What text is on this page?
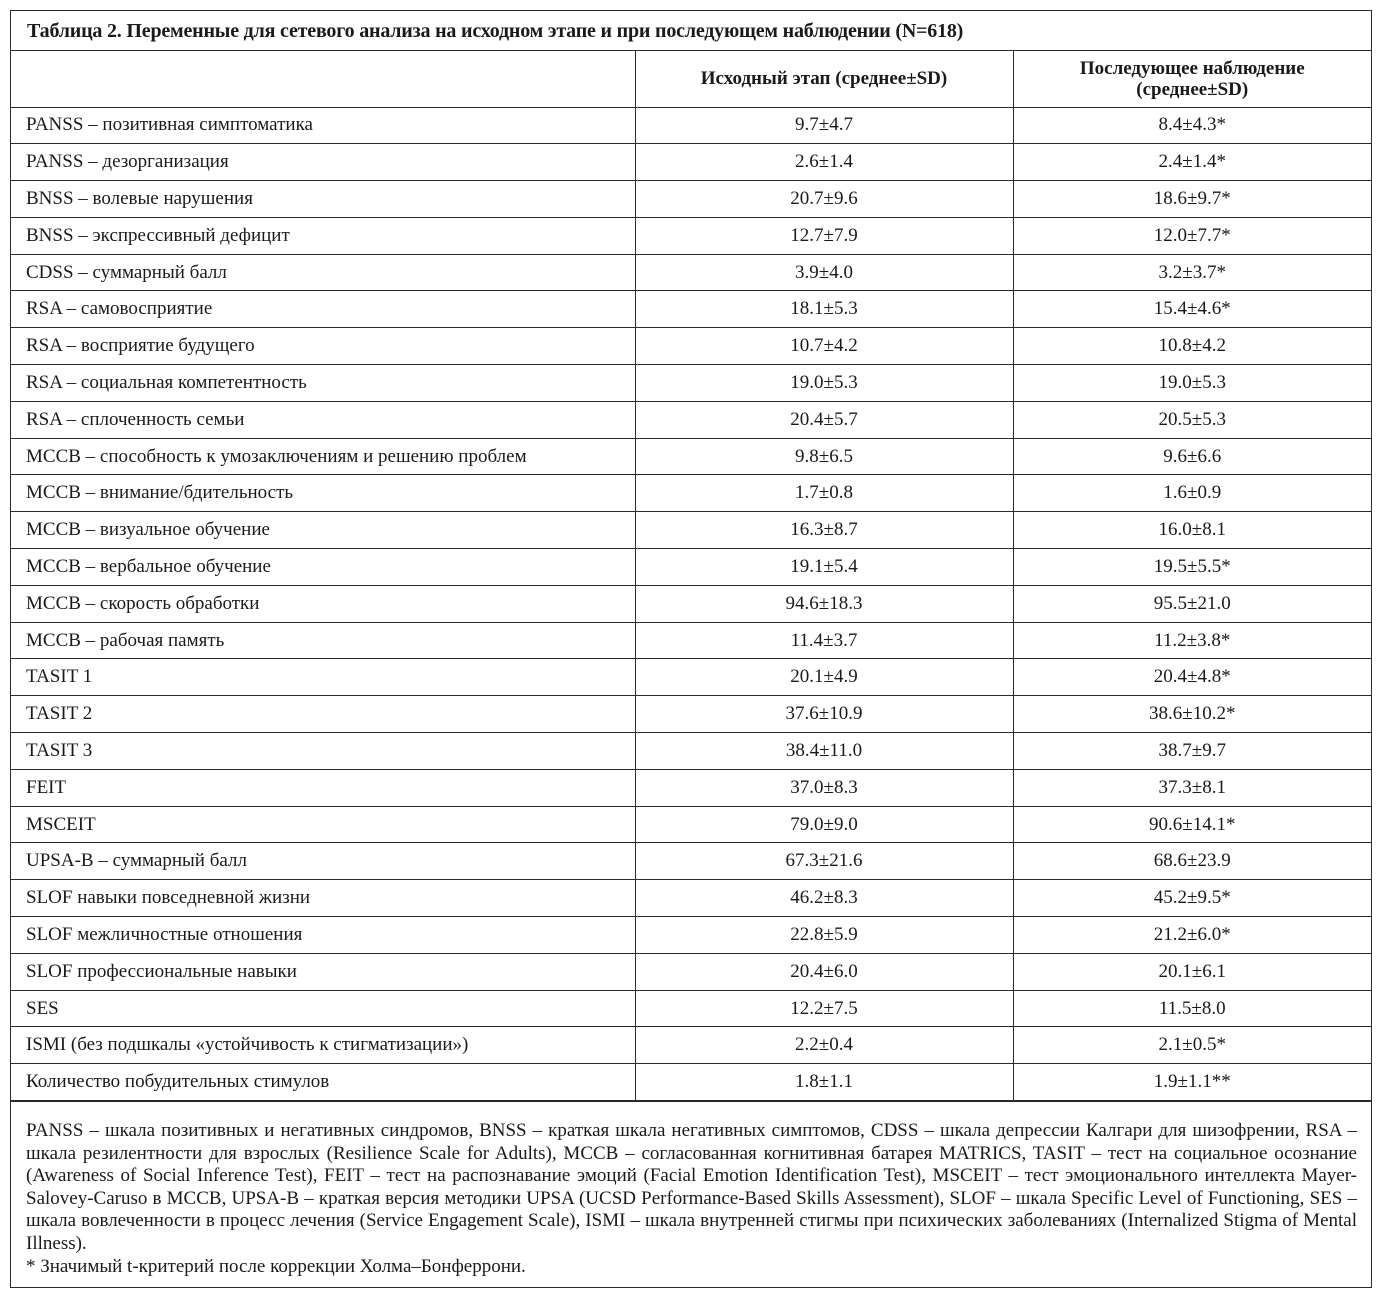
Таблица 2. Переменные для сетевого анализа на исходном этапе и при последующем наблюдении (N=618)
	Исходный этап (среднее±SD)	Последующее наблюдение (среднее±SD)
PANSS – позитивная симптоматика	9.7±4.7	8.4±4.3*
PANSS – дезорганизация	2.6±1.4	2.4±1.4*
BNSS – волевые нарушения	20.7±9.6	18.6±9.7*
BNSS – экспрессивный дефицит	12.7±7.9	12.0±7.7*
CDSS – суммарный балл	3.9±4.0	3.2±3.7*
RSA – самовосприятие	18.1±5.3	15.4±4.6*
RSA – восприятие будущего	10.7±4.2	10.8±4.2
RSA – социальная компетентность	19.0±5.3	19.0±5.3
RSA – сплоченность семьи	20.4±5.7	20.5±5.3
MCCB – способность к умозаключениям и решению проблем	9.8±6.5	9.6±6.6
MCCB – внимание/бдительность	1.7±0.8	1.6±0.9
MCCB – визуальное обучение	16.3±8.7	16.0±8.1
MCCB – вербальное обучение	19.1±5.4	19.5±5.5*
MCCB – скорость обработки	94.6±18.3	95.5±21.0
MCCB – рабочая память	11.4±3.7	11.2±3.8*
TASIT 1	20.1±4.9	20.4±4.8*
TASIT 2	37.6±10.9	38.6±10.2*
TASIT 3	38.4±11.0	38.7±9.7
FEIT	37.0±8.3	37.3±8.1
MSCEIT	79.0±9.0	90.6±14.1*
UPSA-B – суммарный балл	67.3±21.6	68.6±23.9
SLOF навыки повседневной жизни	46.2±8.3	45.2±9.5*
SLOF межличностные отношения	22.8±5.9	21.2±6.0*
SLOF профессиональные навыки	20.4±6.0	20.1±6.1
SES	12.2±7.5	11.5±8.0
ISMI (без подшкалы «устойчивость к стигматизации»)	2.2±0.4	2.1±0.5*
Количество побудительных стимулов	1.8±1.1	1.9±1.1**

PANSS – шкала позитивных и негативных синдромов, BNSS – краткая шкала негативных симптомов, CDSS – шкала депрессии Калгари для шизофрении, RSA – шкала резилентности для взрослых (Resilience Scale for Adults), MCCB – согласованная когнитивная батарея MATRICS, TASIT – тест на социальное осознание (Awareness of Social Inference Test), FEIT – тест на распознавание эмоций (Facial Emotion Identification Test), MSCEIT – тест эмоционального интеллекта Mayer-Salovey-Caruso в MCCB, UPSA-B – краткая версия методики UPSA (UCSD Performance-Based Skills Assessment), SLOF – шкала Specific Level of Functioning, SES – шкала вовлеченности в процесс лечения (Service Engagement Scale), ISMI – шкала внутренней стигмы при психических заболеваниях (Internalized Stigma of Mental Illness).

* Значимый t-критерий после коррекции Холма–Бонферрони.
